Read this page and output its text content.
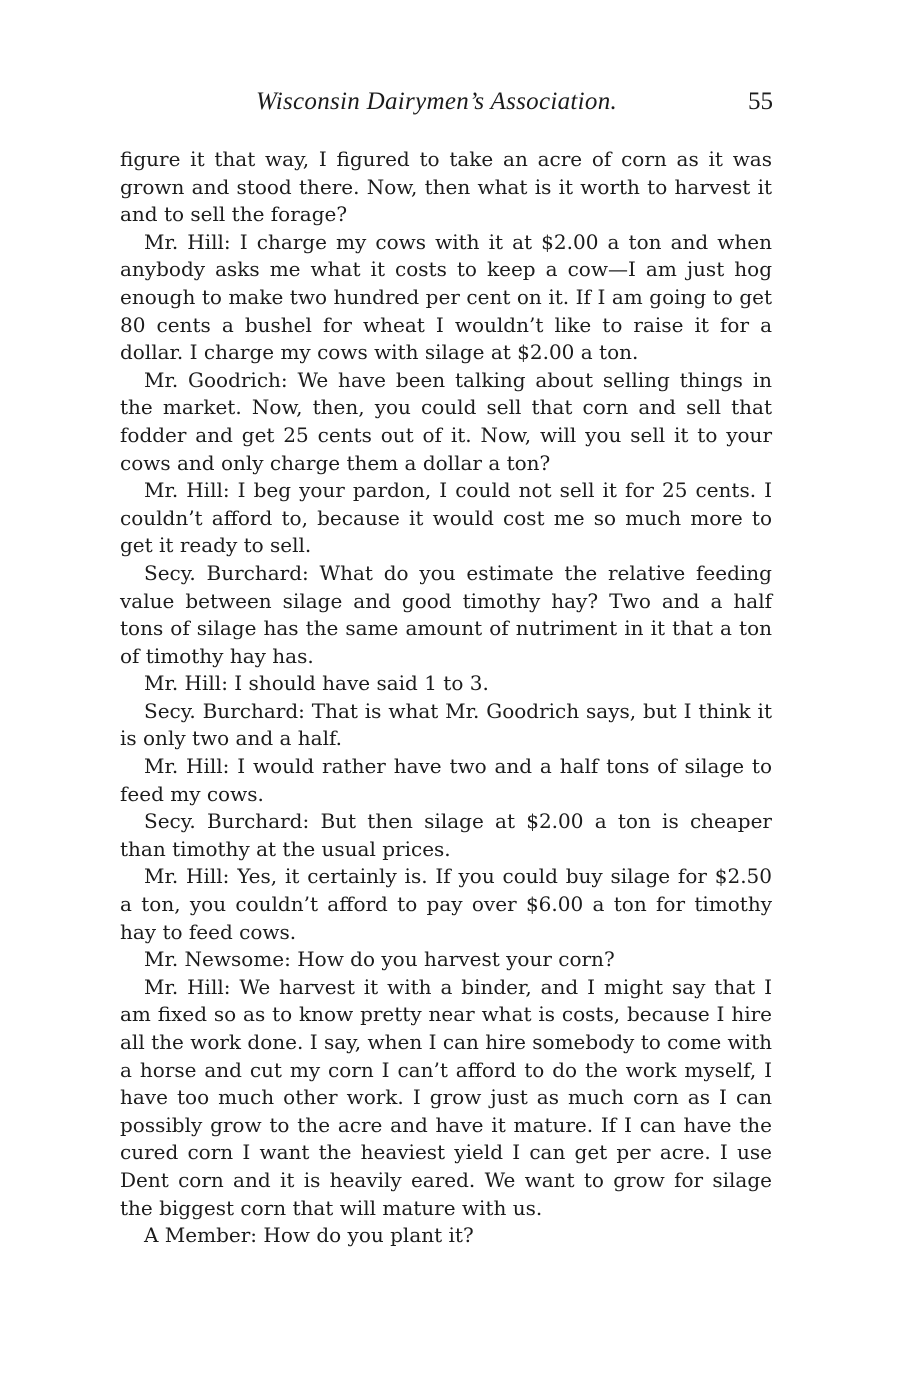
Wisconsin Dairymen’s Association.	55

figure it that way, I figured to take an acre of corn as it was grown and stood there. Now, then what is it worth to harvest it and to sell the forage?

Mr. Hill: I charge my cows with it at $2.00 a ton and when anybody asks me what it costs to keep a cow—I am just hog enough to make two hundred per cent on it. If I am going to get 80 cents a bushel for wheat I wouldn’t like to raise it for a dollar. I charge my cows with silage at $2.00 a ton.

Mr. Goodrich: We have been talking about selling things in the market. Now, then, you could sell that corn and sell that fodder and get 25 cents out of it. Now, will you sell it to your cows and only charge them a dollar a ton?

Mr. Hill: I beg your pardon, I could not sell it for 25 cents. I couldn’t afford to, because it would cost me so much more to get it ready to sell.

Secy. Burchard: What do you estimate the relative feeding value between silage and good timothy hay? Two and a half tons of silage has the same amount of nutriment in it that a ton of timothy hay has.

Mr. Hill: I should have said 1 to 3.

Secy. Burchard: That is what Mr. Goodrich says, but I think it is only two and a half.

Mr. Hill: I would rather have two and a half tons of silage to feed my cows.

Secy. Burchard: But then silage at $2.00 a ton is cheaper than timothy at the usual prices.

Mr. Hill: Yes, it certainly is. If you could buy silage for $2.50 a ton, you couldn’t afford to pay over $6.00 a ton for timothy hay to feed cows.

Mr. Newsome: How do you harvest your corn?

Mr. Hill: We harvest it with a binder, and I might say that I am fixed so as to know pretty near what is costs, because I hire all the work done. I say, when I can hire somebody to come with a horse and cut my corn I can’t afford to do the work myself, I have too much other work. I grow just as much corn as I can possibly grow to the acre and have it mature. If I can have the cured corn I want the heaviest yield I can get per acre. I use Dent corn and it is heavily eared. We want to grow for silage the biggest corn that will mature with us.

A Member: How do you plant it?
